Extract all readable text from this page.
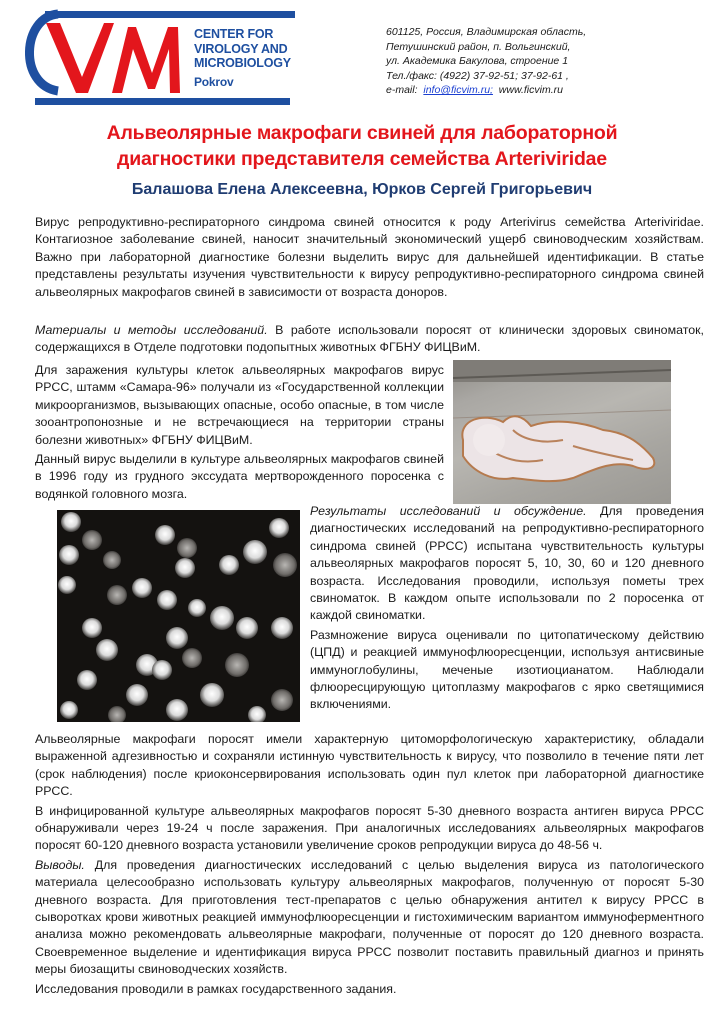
CENTER FOR
VIROLOGY AND
MICROBIOLOGY
Pokrov
601125, Россия, Владимирская область,
Петушинский район, п. Вольгинский,
ул. Академика Бакулова, строение 1
Тел./факс: (4922) 37-92-51; 37-92-61 ,
e-mail: info@ficvim.ru; www.ficvim.ru
Альвеолярные макрофаги свиней для лабораторной
диагностики представителя семейства Arteriviridae
Балашова Елена Алексеевна, Юрков Сергей Григорьевич

Вирус репродуктивно-респираторного синдрома свиней относится к роду Arterivirus семейства Arteriviridae. Контагиозное заболевание свиней, наносит значительный экономический ущерб свиноводческим хозяйствам. Важно при лабораторной диагностике болезни выделить вирус для дальнейшей идентификации. В статье представлены результаты изучения чувствительности к вирусу репродуктивно-респираторного синдрома свиней альвеолярных макрофагов свиней в зависимости от возраста доноров.

Материалы и методы исследований. В работе использовали поросят от клинически здоровых свиноматок, содержащихся в Отделе подготовки подопытных животных ФГБНУ ФИЦВиМ.

Для заражения культуры клеток альвеолярных макрофагов вирус РРСС, штамм «Самара-96» получали из «Государственной коллекции микроорганизмов, вызывающих опасные, особо опасные, в том числе зооантропонозные и не встречающиеся на территории страны болезни животных» ФГБНУ ФИЦВиМ.

Данный вирус выделили в культуре альвеолярных макрофагов свиней в 1996 году из грудного экссудата мертворожденного поросенка с водянкой головного мозга.

Результаты исследований и обсуждение. Для проведения диагностических исследований на репродуктивно-респираторного синдрома свиней (РРСС) испытана чувствительность культуры альвеолярных макрофагов поросят 5, 10, 30, 60 и 120 дневного возраста. Исследования проводили, используя пометы трех свиноматок. В каждом опыте использовали по 2 поросенка от каждой свиноматки.

Размножение вируса оценивали по цитопатическому действию (ЦПД) и реакцией иммунофлюоресценции, используя антисвиные иммуноглобулины, меченые изотиоцианатом. Наблюдали флюоресцирующую цитоплазму макрофагов с ярко светящимися включениями.

Альвеолярные макрофаги поросят имели характерную цитоморфологическую характеристику, обладали выраженной адгезивностью и сохраняли истинную чувствительность к вирусу, что позволило в течение пяти лет (срок наблюдения) после криоконсервирования использовать один пул клеток при лабораторной диагностике РРСС.

В инфицированной культуре альвеолярных макрофагов поросят 5-30 дневного возраста антиген вируса РРСС обнаруживали через 19-24 ч после заражения. При аналогичных исследованиях альвеолярных макрофагов поросят 60-120 дневного возраста установили увеличение сроков репродукции вируса до 48-56 ч.

Выводы. Для проведения диагностических исследований с целью выделения вируса из патологического материала целесообразно использовать культуру альвеолярных макрофагов, полученную от поросят 5-30 дневного возраста. Для приготовления тест-препаратов с целью обнаружения антител к вирусу РРСС в сыворотках крови животных реакцией иммунофлюоресценции и гистохимическим вариантом иммуноферментного анализа можно рекомендовать альвеолярные макрофаги, полученные от поросят до 120 дневного возраста. Своевременное выделение и идентификация вируса РРСС позволит поставить правильный диагноз и принять меры биозащиты свиноводческих хозяйств.

Исследования проводили в рамках государственного задания.
